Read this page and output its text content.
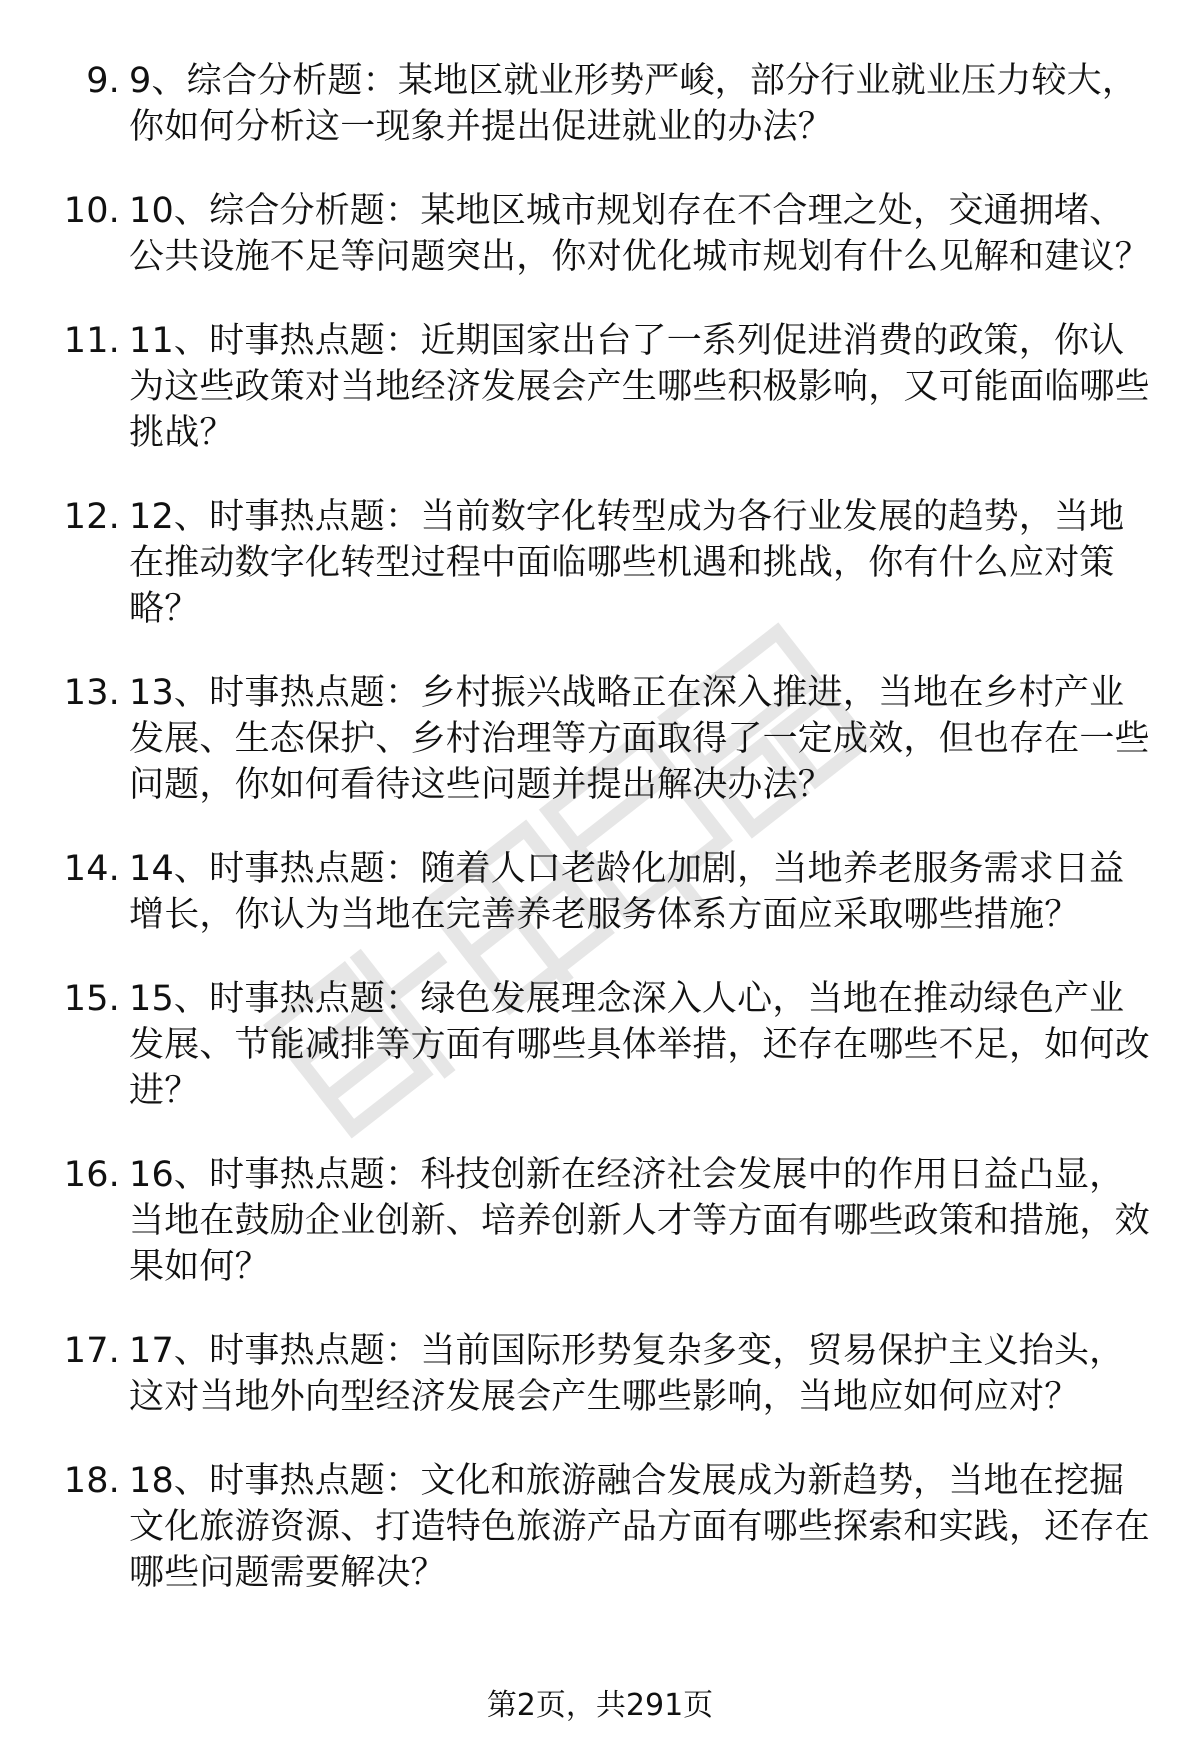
9. 9、综合分析题：某地区就业形势严峻，部分行业就业压力较大，你如何分析这一现象并提出促进就业的办法？
10. 10、综合分析题：某地区城市规划存在不合理之处，交通拥堵、公共设施不足等问题突出，你对优化城市规划有什么见解和建议？
11. 11、时事热点题：近期国家出台了一系列促进消费的政策，你认为这些政策对当地经济发展会产生哪些积极影响，又可能面临哪些挑战？
12. 12、时事热点题：当前数字化转型成为各行业发展的趋势，当地在推动数字化转型过程中面临哪些机遇和挑战，你有什么应对策略？
13. 13、时事热点题：乡村振兴战略正在深入推进，当地在乡村产业发展、生态保护、乡村治理等方面取得了一定成效，但也存在一些问题，你如何看待这些问题并提出解决办法？
14. 14、时事热点题：随着人口老龄化加剧，当地养老服务需求日益增长，你认为当地在完善养老服务体系方面应采取哪些措施？
15. 15、时事热点题：绿色发展理念深入人心，当地在推动绿色产业发展、节能减排等方面有哪些具体举措，还存在哪些不足，如何改进？
16. 16、时事热点题：科技创新在经济社会发展中的作用日益凸显，当地在鼓励企业创新、培养创新人才等方面有哪些政策和措施，效果如何？
17. 17、时事热点题：当前国际形势复杂多变，贸易保护主义抬头，这对当地外向型经济发展会产生哪些影响，当地应如何应对？
18. 18、时事热点题：文化和旅游融合发展成为新趋势，当地在挖掘文化旅游资源、打造特色旅游产品方面有哪些探索和实践，还存在哪些问题需要解决？
第2页，共291页
